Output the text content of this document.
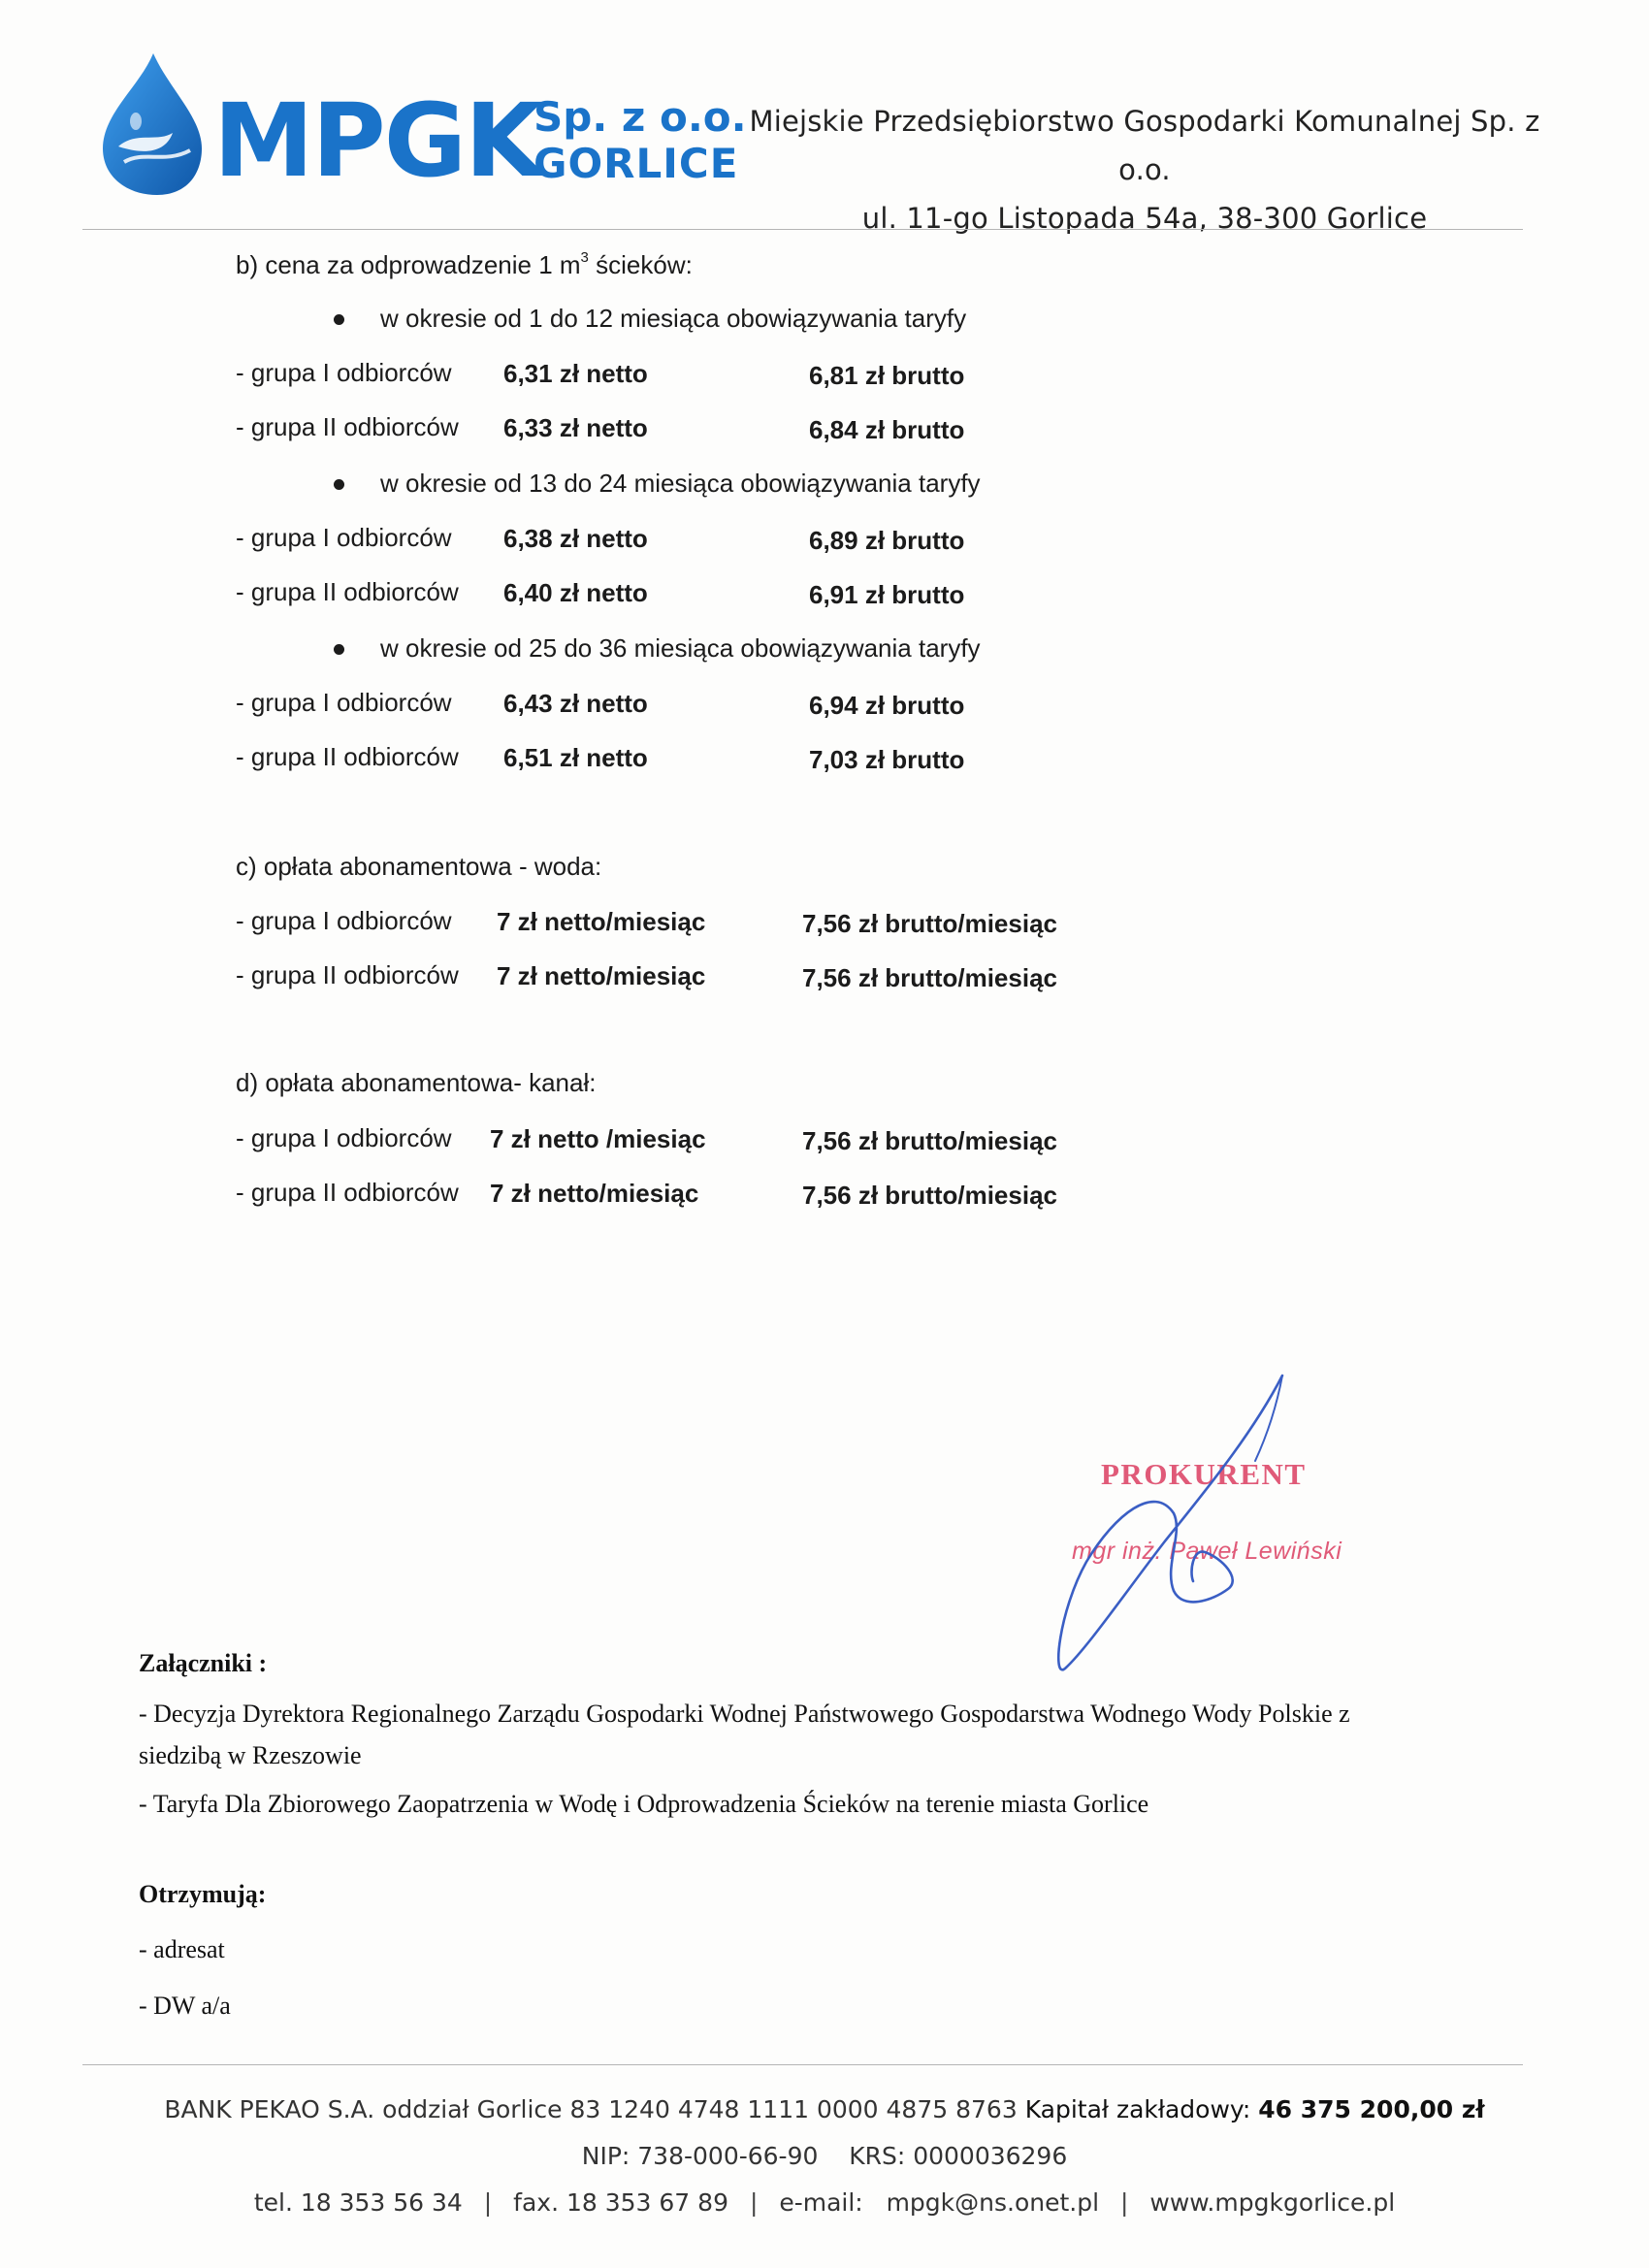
MPGK
Sp. z o.o.
GORLICE
Miejskie Przedsiębiorstwo Gospodarki Komunalnej Sp. z o.o.
ul. 11-go Listopada 54a, 38-300 Gorlice
b) cena za odprowadzenie 1 $m^3$ ścieków:
w okresie od 1 do 12 miesiąca obowiązywania taryfy
- grupa I odbiorców 6,31 zł netto	6,81 zł brutto
- grupa II odbiorców 6,33 zł netto	6,84 zł brutto
w okresie od 13 do 24 miesiąca obowiązywania taryfy
- grupa I odbiorców 6,38 zł netto	6,89 zł brutto
- grupa II odbiorców 6,40 zł netto	6,91 zł brutto
w okresie od 25 do 36 miesiąca obowiązywania taryfy
- grupa I odbiorców 6,43 zł netto	6,94 zł brutto
- grupa II odbiorców 6,51 zł netto	7,03 zł brutto
c) opłata abonamentowa - woda:
- grupa I odbiorców 7 zł netto/miesiąc	7,56 zł brutto/miesiąc
- grupa II odbiorców 7 zł netto/miesiąc	7,56 zł brutto/miesiąc
d) opłata abonamentowa- kanał:
- grupa I odbiorców 7 zł netto /miesiąc	7,56 zł brutto/miesiąc
- grupa II odbiorców 7 zł netto/miesiąc	7,56 zł brutto/miesiąc
PROKURENT
mgr inż. Paweł Lewiński
Załączniki :
- Decyzja Dyrektora Regionalnego Zarządu Gospodarki Wodnej Państwowego Gospodarstwa Wodnego Wody Polskie z
siedzibą w Rzeszowie
- Taryfa Dla Zbiorowego Zaopatrzenia w Wodę i Odprowadzenia Ścieków na terenie miasta Gorlice
Otrzymują:
- adresat
- DW a/a
BANK PEKAO S.A. oddział Gorlice 83 1240 4748 1111 0000 4875 8763 Kapitał zakładowy: 46 375 200,00 zł
NIP: 738-000-66-90 KRS: 0000036296
tel. 18 353 56 34 | fax. 18 353 67 89 | e-mail: mpgk@ns.onet.pl | www.mpgkgorlice.pl
